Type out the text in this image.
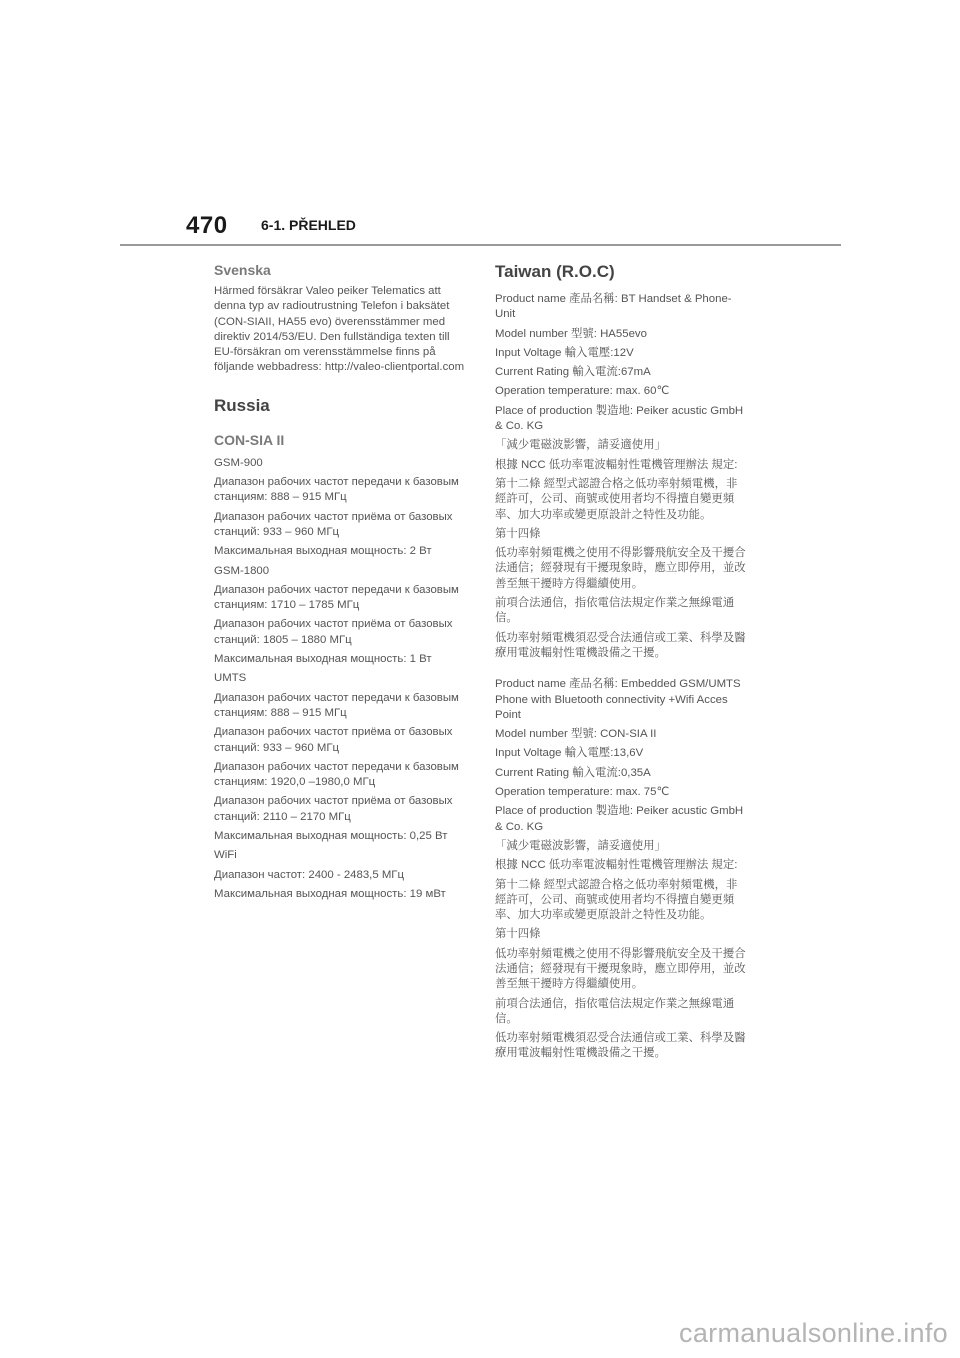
470 6-1. PŘEHLED
Svenska

Härmed försäkrar Valeo peiker Telematics att denna typ av radioutrustning Telefon i baksätet (CON-SIAII, HA55 evo) överensstämmer med direktiv 2014/53/EU. Den fullständiga texten till EU-försäkran om verensstämmelse finns på följande webbadress: http://valeo-clientportal.com

Russia
CON-SIA II

GSM-900

Диапазон рабочих частот передачи к базовым станциям: 888 – 915 МГц

Диапазон рабочих частот приёма от базовых станций: 933 – 960 МГц

Максимальная выходная мощность: 2 Вт

GSM-1800

Диапазон рабочих частот передачи к базовым станциям: 1710 – 1785 МГц

Диапазон рабочих частот приёма от базовых станций: 1805 – 1880 МГц

Максимальная выходная мощность: 1 Вт

UMTS

Диапазон рабочих частот передачи к базовым станциям: 888 – 915 МГц

Диапазон рабочих частот приёма от базовых станций: 933 – 960 МГц

Диапазон рабочих частот передачи к базовым станциям: 1920,0 –1980,0 МГц

Диапазон рабочих частот приёма от базовых станций: 2110 – 2170 МГц

Максимальная выходная мощность: 0,25 Вт

WiFi

Диапазон частот: 2400 - 2483,5 МГц

Максимальная выходная мощность: 19 мВт

Taiwan (R.O.C)

Product name 產品名稱: BT Handset & Phone-Unit

Model number 型號: HA55evo

Input Voltage 輸入電壓:12V

Current Rating 輸入電流:67mA

Operation temperature: max. 60℃

Place of production 製造地: Peiker acustic GmbH & Co. KG

「減少電磁波影響，請妥適使用」

根據 NCC 低功率電波輻射性電機管理辦法 規定:

第十二條 經型式認證合格之低功率射頻電機，非經許可，公司、商號或使用者均不得擅自變更頻率、加大功率或變更原設計之特性及功能。

第十四條

低功率射頻電機之使用不得影響飛航安全及干擾合法通信；經發現有干擾現象時，應立即停用，並改善至無干擾時方得繼續使用。

前項合法通信，指依電信法規定作業之無線電通信。

低功率射頻電機須忍受合法通信或工業、科學及醫療用電波輻射性電機設備之干擾。

Product name 產品名稱: Embedded GSM/UMTS Phone with Bluetooth connectivity +Wifi Acces Point

Model number 型號: CON-SIA II

Input Voltage 輸入電壓:13,6V

Current Rating 輸入電流:0,35A

Operation temperature: max. 75℃

Place of production 製造地: Peiker acustic GmbH & Co. KG

「減少電磁波影響，請妥適使用」

根據 NCC 低功率電波輻射性電機管理辦法 規定:

第十二條 經型式認證合格之低功率射頻電機，非經許可，公司、商號或使用者均不得擅自變更頻率、加大功率或變更原設計之特性及功能。

第十四條

低功率射頻電機之使用不得影響飛航安全及干擾合法通信；經發現有干擾現象時，應立即停用，並改善至無干擾時方得繼續使用。

前項合法通信，指依電信法規定作業之無線電通信。

低功率射頻電機須忍受合法通信或工業、科學及醫療用電波輻射性電機設備之干擾。

carmanualsonline.info
